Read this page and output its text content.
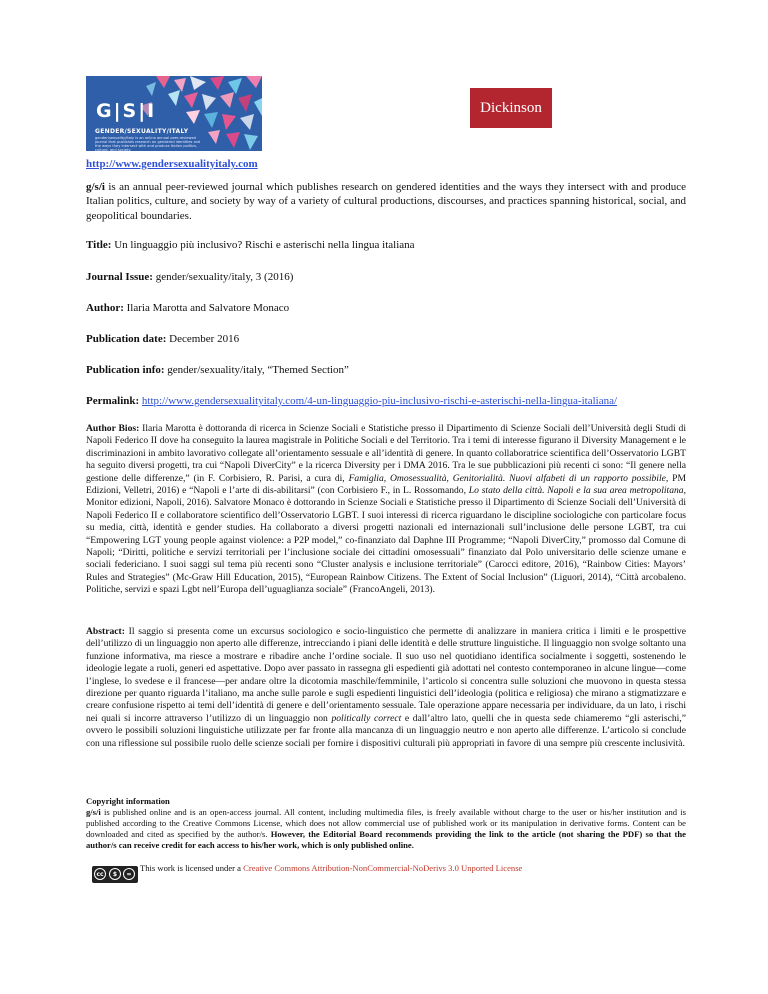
G|S|I
GENDER/SEXUALITY/ITALY
gender/sexuality/italy is an online annual peer-reviewed journal that publishes research on gendered identities and the ways they intersect with and produce Italian politics, culture, and society.
Dickinson
http://www.gendersexualityitaly.com
g/s/i is an annual peer-reviewed journal which publishes research on gendered identities and the ways they intersect with and produce Italian politics, culture, and society by way of a variety of cultural productions, discourses, and practices spanning historical, social, and geopolitical boundaries.
Title: Un linguaggio più inclusivo? Rischi e asterischi nella lingua italiana
Journal Issue: gender/sexuality/italy, 3 (2016)
Author: Ilaria Marotta and Salvatore Monaco
Publication date: December 2016
Publication info: gender/sexuality/italy, “Themed Section”
Permalink: http://www.gendersexualityitaly.com/4-un-linguaggio-piu-inclusivo-rischi-e-asterischi-nella-lingua-italiana/
Author Bios: Ilaria Marotta è dottoranda di ricerca in Scienze Sociali e Statistiche presso il Dipartimento di Scienze Sociali dell’Università degli Studi di Napoli Federico II dove ha conseguito la laurea magistrale in Politiche Sociali e del Territorio. Tra i temi di interesse figurano il Diversity Management e le discriminazioni in ambito lavorativo collegate all’orientamento sessuale e all’identità di genere. In quanto collaboratrice scientifica dell’Osservatorio LGBT ha seguito diversi progetti, tra cui “Napoli DiverCity” e la ricerca Diversity per i DMA 2016. Tra le sue pubblicazioni più recenti ci sono: “Il genere nella gestione delle differenze,” (in F. Corbisiero, R. Parisi, a cura di, Famiglia, Omosessualità, Genitorialità. Nuovi alfabeti di un rapporto possibile, PM Edizioni, Velletri, 2016) e “Napoli e l’arte di dis-abilitarsi” (con Corbisiero F., in L. Rossomando, Lo stato della città. Napoli e la sua area metropolitana, Monitor edizioni, Napoli, 2016). Salvatore Monaco è dottorando in Scienze Sociali e Statistiche presso il Dipartimento di Scienze Sociali dell’Università di Napoli Federico II e collaboratore scientifico dell’Osservatorio LGBT. I suoi interessi di ricerca riguardano le discipline sociologiche con particolare focus su media, città, identità e gender studies. Ha collaborato a diversi progetti nazionali ed internazionali sull’inclusione delle persone LGBT, tra cui “Empowering LGT young people against violence: a P2P model,” co-finanziato dal Daphne III Programme; “Napoli DiverCity,” promosso dal Comune di Napoli; “Diritti, politiche e servizi territoriali per l’inclusione sociale dei cittadini omosessuali” finanziato dal Polo universitario delle scienze umane e sociali federiciano. I suoi saggi sul tema più recenti sono “Cluster analysis e inclusione territoriale” (Carocci editore, 2016), “Rainbow Cities: Mayors’ Rules and Strategies” (Mc-Graw Hill Education, 2015), “European Rainbow Citizens. The Extent of Social Inclusion” (Liguori, 2014), “Città arcobaleno. Politiche, servizi e spazi Lgbt nell’Europa dell’uguaglianza sociale” (FrancoAngeli, 2013).
Abstract: Il saggio si presenta come un excursus sociologico e socio-linguistico che permette di analizzare in maniera critica i limiti e le prospettive dell’utilizzo di un linguaggio non aperto alle differenze, intrecciando i piani delle identità e delle strutture linguistiche. Il linguaggio non svolge soltanto una funzione informativa, ma riesce a mostrare e ribadire anche l’ordine sociale. Il suo uso nel quotidiano identifica socialmente i soggetti, sostenendo le ideologie legate a ruoli, generi ed aspettative. Dopo aver passato in rassegna gli espedienti già adottati nel contesto contemporaneo in alcune lingue—come l’inglese, lo svedese e il francese—per andare oltre la dicotomia maschile/femminile, l’articolo si concentra sulle soluzioni che muovono in questa stessa direzione per quanto riguarda l’italiano, ma anche sulle parole e sugli espedienti linguistici dell’ideologia (politica e religiosa) che mirano a stigmatizzare e creare confusione rispetto ai temi dell’identità di genere e dell’orientamento sessuale. Tale operazione appare necessaria per individuare, da un lato, i rischi nei quali si incorre attraverso l’utilizzo di un linguaggio non politically correct e dall’altro lato, quelli che in questa sede chiameremo “gli asterischi,” ovvero le possibili soluzioni linguistiche utilizzate per far fronte alla mancanza di un linguaggio neutro e non aperto alle differenze. L’articolo si conclude con una riflessione sul possibile ruolo delle scienze sociali per fornire i dispositivi culturali più appropriati in favore di una sempre più crescente inclusività.
Copyright information
g/s/i is published online and is an open-access journal. All content, including multimedia files, is freely available without charge to the user or his/her institution and is published according to the Creative Commons License, which does not allow commercial use of published work or its manipulation in derivative forms. Content can be downloaded and cited as specified by the author/s. However, the Editorial Board recommends providing the link to the article (not sharing the PDF) so that the author/s can receive credit for each access to his/her work, which is only published online.
cc	$	=
This work is licensed under a Creative Commons Attribution-NonCommercial-NoDerivs 3.0 Unported License
